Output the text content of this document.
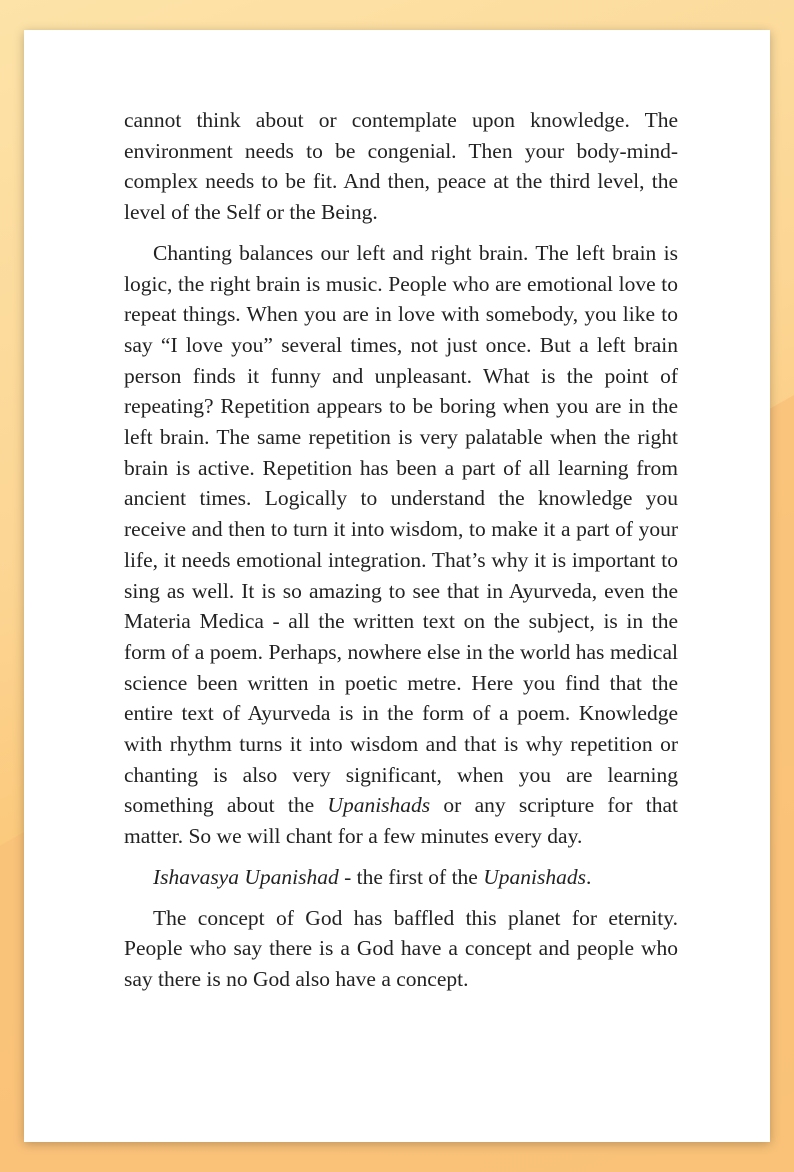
cannot think about or contemplate upon knowledge. The environment needs to be congenial. Then your body-mind-complex needs to be fit. And then, peace at the third level, the level of the Self or the Being.

Chanting balances our left and right brain. The left brain is logic, the right brain is music. People who are emotional love to repeat things. When you are in love with somebody, you like to say “I love you” several times, not just once. But a left brain person finds it funny and unpleasant. What is the point of repeating? Repetition appears to be boring when you are in the left brain. The same repetition is very palatable when the right brain is active. Repetition has been a part of all learning from ancient times. Logically to understand the knowledge you receive and then to turn it into wisdom, to make it a part of your life, it needs emotional integration. That’s why it is important to sing as well. It is so amazing to see that in Ayurveda, even the Materia Medica - all the written text on the subject, is in the form of a poem. Perhaps, nowhere else in the world has medical science been written in poetic metre. Here you find that the entire text of Ayurveda is in the form of a poem. Knowledge with rhythm turns it into wisdom and that is why repetition or chanting is also very significant, when you are learning something about the Upanishads or any scripture for that matter. So we will chant for a few minutes every day.

Ishavasya Upanishad - the first of the Upanishads.

The concept of God has baffled this planet for eternity. People who say there is a God have a concept and people who say there is no God also have a concept.
